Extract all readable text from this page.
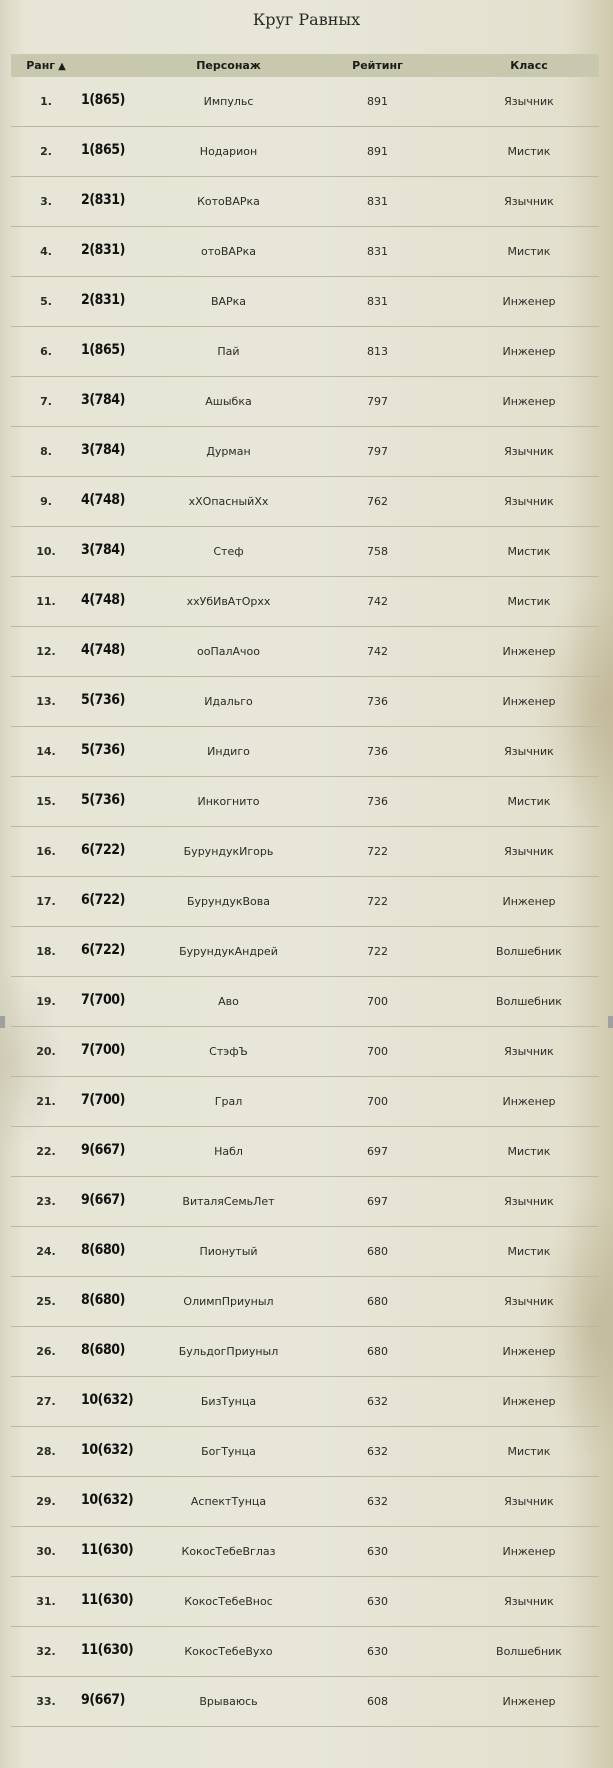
Круг Равных
Ранг ▲	Персонаж	Рейтинг	Класс
1.	1(865)	Импульс	891	Язычник
2.	1(865)	Нодарион	891	Мистик
3.	2(831)	КотоВАРка	831	Язычник
4.	2(831)	отоВАРка	831	Мистик
5.	2(831)	ВАРка	831	Инженер
6.	1(865)	Пай	813	Инженер
7.	3(784)	Ашыбка	797	Инженер
8.	3(784)	Дурман	797	Язычник
9.	4(748)	хХОпасныйХх	762	Язычник
10.	3(784)	Стеф	758	Мистик
11.	4(748)	ххУбИвАтОрхх	742	Мистик
12.	4(748)	ооПалАчоо	742	Инженер
13.	5(736)	Идальго	736	Инженер
14.	5(736)	Индиго	736	Язычник
15.	5(736)	Инкогнито	736	Мистик
16.	6(722)	БурундукИгорь	722	Язычник
17.	6(722)	БурундукВова	722	Инженер
18.	6(722)	БурундукАндрей	722	Волшебник
19.	7(700)	Аво	700	Волшебник
20.	7(700)	СтэфЪ	700	Язычник
21.	7(700)	Грал	700	Инженер
22.	9(667)	Набл	697	Мистик
23.	9(667)	ВиталяСемьЛет	697	Язычник
24.	8(680)	Пионутый	680	Мистик
25.	8(680)	ОлимпПриуныл	680	Язычник
26.	8(680)	БульдогПриуныл	680	Инженер
27.	10(632)	БизТунца	632	Инженер
28.	10(632)	БогТунца	632	Мистик
29.	10(632)	АспектТунца	632	Язычник
30.	11(630)	КокосТебеВглаз	630	Инженер
31.	11(630)	КокосТебеВнос	630	Язычник
32.	11(630)	КокосТебеВухо	630	Волшебник
33.	9(667)	Врываюсь	608	Инженер
